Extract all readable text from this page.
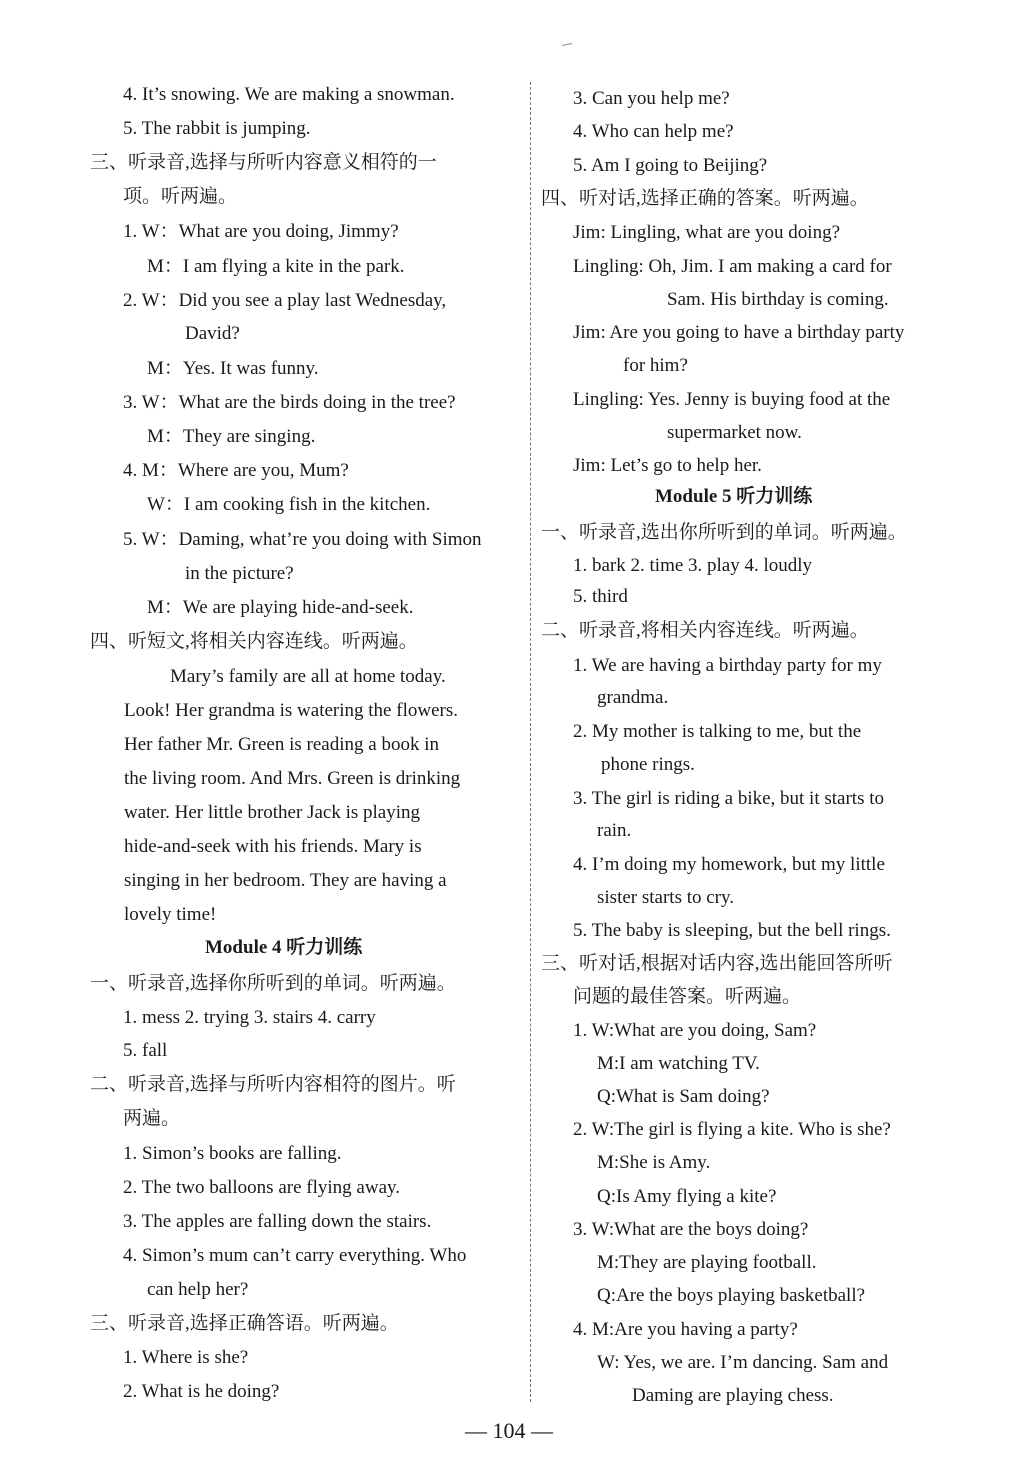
4. It’s snowing. We are making a snowman.
5. The rabbit is jumping.
三、听录音,选择与所听内容意义相符的一
项。听两遍。
1. W：What are you doing, Jimmy?
M：I am flying a kite in the park.
2. W：Did you see a play last Wednesday,
David?
M：Yes. It was funny.
3. W：What are the birds doing in the tree?
M：They are singing.
4. M：Where are you, Mum?
W：I am cooking fish in the kitchen.
5. W：Daming, what’re you doing with Simon
in the picture?
M：We are playing hide-and-seek.
四、听短文,将相关内容连线。听两遍。
Mary’s family are all at home today.
Look! Her grandma is watering the flowers.
Her father Mr. Green is reading a book in
the living room. And Mrs. Green is drinking
water. Her little brother Jack is playing
hide-and-seek with his friends. Mary is
singing in her bedroom. They are having a
lovely time!
一、听录音,选择你所听到的单词。听两遍。
1. mess 2. trying 3. stairs 4. carry
5. fall
二、听录音,选择与所听内容相符的图片。听
两遍。
1. Simon’s books are falling.
2. The two balloons are flying away.
3. The apples are falling down the stairs.
4. Simon’s mum can’t carry everything. Who
can help her?
三、听录音,选择正确答语。听两遍。
1. Where is she?
2. What is he doing?
3. Can you help me?
4. Who can help me?
5. Am I going to Beijing?
四、听对话,选择正确的答案。听两遍。
Jim: Lingling, what are you doing?
Lingling: Oh, Jim. I am making a card for
Sam. His birthday is coming.
Jim: Are you going to have a birthday party
for him?
Lingling: Yes. Jenny is buying food at the
supermarket now.
Jim: Let’s go to help her.
一、听录音,选出你所听到的单词。听两遍。
1. bark 2. time 3. play 4. loudly
5. third
二、听录音,将相关内容连线。听两遍。
1. We are having a birthday party for my
grandma.
2. My mother is talking to me, but the
phone rings.
3. The girl is riding a bike, but it starts to
rain.
4. I’m doing my homework, but my little
sister starts to cry.
5. The baby is sleeping, but the bell rings.
三、听对话,根据对话内容,选出能回答所听
问题的最佳答案。听两遍。
1. W:What are you doing, Sam?
M:I am watching TV.
Q:What is Sam doing?
2. W:The girl is flying a kite. Who is she?
M:She is Amy.
Q:Is Amy flying a kite?
3. W:What are the boys doing?
M:They are playing football.
Q:Are the boys playing basketball?
4. M:Are you having a party?
W: Yes, we are. I’m dancing. Sam and
Daming are playing chess.
Module 4 听力训练
Module 5 听力训练
— 104 —
